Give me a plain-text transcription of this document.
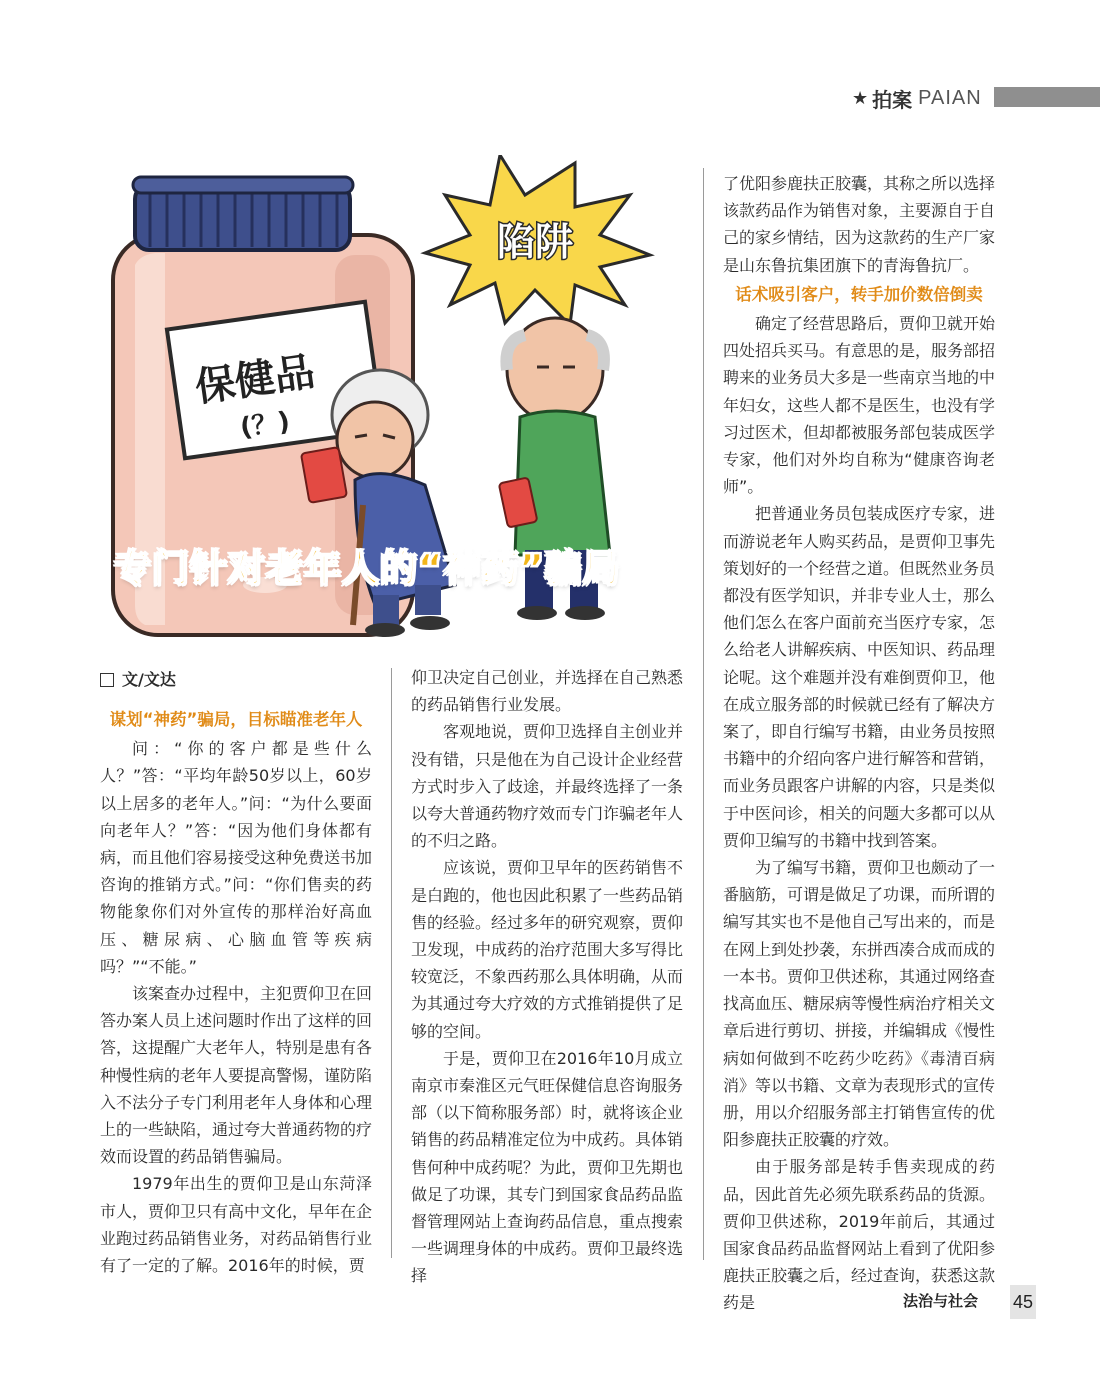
★ 拍案 PAIAN
保健品
(？)
陷阱
专门针对老年人的“神药”骗局
文/文达
谋划“神药”骗局，目标瞄准老年人

问：“你的客户都是些什么人？”答：“平均年龄50岁以上，60岁以上居多的老年人。”问：“为什么要面向老年人？”答：“因为他们身体都有病，而且他们容易接受这种免费送书加咨询的推销方式。”问：“你们售卖的药物能象你们对外宣传的那样治好高血压、糖尿病、心脑血管等疾病吗？”“不能。”

该案查办过程中，主犯贾仰卫在回答办案人员上述问题时作出了这样的回答，这提醒广大老年人，特别是患有各种慢性病的老年人要提高警惕，谨防陷入不法分子专门利用老年人身体和心理上的一些缺陷，通过夸大普通药物的疗效而设置的药品销售骗局。

1979年出生的贾仰卫是山东菏泽市人，贾仰卫只有高中文化，早年在企业跑过药品销售业务，对药品销售行业有了一定的了解。2016年的时候，贾

仰卫决定自己创业，并选择在自己熟悉的药品销售行业发展。

客观地说，贾仰卫选择自主创业并没有错，只是他在为自己设计企业经营方式时步入了歧途，并最终选择了一条以夸大普通药物疗效而专门诈骗老年人的不归之路。

应该说，贾仰卫早年的医药销售不是白跑的，他也因此积累了一些药品销售的经验。经过多年的研究观察，贾仰卫发现，中成药的治疗范围大多写得比较宽泛，不象西药那么具体明确，从而为其通过夸大疗效的方式推销提供了足够的空间。

于是，贾仰卫在2016年10月成立南京市秦淮区元气旺保健信息咨询服务部（以下简称服务部）时，就将该企业销售的药品精准定位为中成药。具体销售何种中成药呢？为此，贾仰卫先期也做足了功课，其专门到国家食品药品监督管理网站上查询药品信息，重点搜索一些调理身体的中成药。贾仰卫最终选择

了优阳参鹿扶正胶囊，其称之所以选择该款药品作为销售对象，主要源自于自己的家乡情结，因为这款药的生产厂家是山东鲁抗集团旗下的青海鲁抗厂。

话术吸引客户，转手加价数倍倒卖

确定了经营思路后，贾仰卫就开始四处招兵买马。有意思的是，服务部招聘来的业务员大多是一些南京当地的中年妇女，这些人都不是医生，也没有学习过医术，但却都被服务部包装成医学专家，他们对外均自称为“健康咨询老师”。

把普通业务员包装成医疗专家，进而游说老年人购买药品，是贾仰卫事先策划好的一个经营之道。但既然业务员都没有医学知识，并非专业人士，那么他们怎么在客户面前充当医疗专家，怎么给老人讲解疾病、中医知识、药品理论呢。这个难题并没有难倒贾仰卫，他在成立服务部的时候就已经有了解决方案了，即自行编写书籍，由业务员按照书籍中的介绍向客户进行解答和营销，而业务员跟客户讲解的内容，只是类似于中医问诊，相关的问题大多都可以从贾仰卫编写的书籍中找到答案。

为了编写书籍，贾仰卫也颇动了一番脑筋，可谓是做足了功课，而所谓的编写其实也不是他自己写出来的，而是在网上到处抄袭，东拼西凑合成而成的一本书。贾仰卫供述称，其通过网络查找高血压、糖尿病等慢性病治疗相关文章后进行剪切、拼接，并编辑成《慢性病如何做到不吃药少吃药》《毒清百病消》等以书籍、文章为表现形式的宣传册，用以介绍服务部主打销售宣传的优阳参鹿扶正胶囊的疗效。

由于服务部是转手售卖现成的药品，因此首先必须先联系药品的货源。贾仰卫供述称，2019年前后，其通过国家食品药品监督网站上看到了优阳参鹿扶正胶囊之后，经过查询，获悉这款药是	法治与社会 45
